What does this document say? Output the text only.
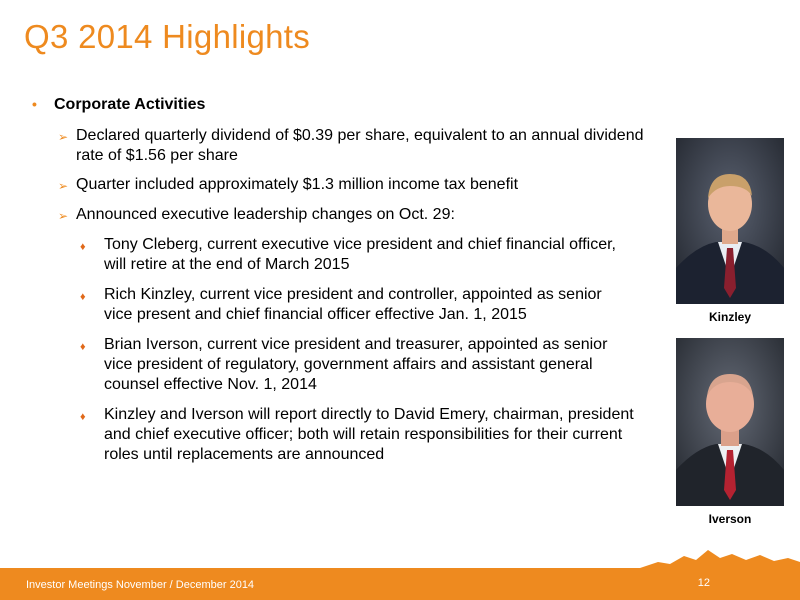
Q3 2014 Highlights
•	Corporate Activities
➢ Declared quarterly dividend of $0.39 per share, equivalent to an annual dividend rate of $1.56 per share
➢ Quarter included approximately $1.3 million income tax benefit
➢ Announced executive leadership changes on Oct. 29:
♦	Tony Cleberg, current executive vice president and chief financial officer, will retire at the end of March 2015
♦	Rich Kinzley, current vice president and controller, appointed as senior vice present and chief financial officer effective Jan. 1, 2015
♦	Brian Iverson, current vice president and treasurer, appointed as senior vice president of regulatory, government affairs and assistant general counsel effective Nov. 1, 2014
♦	Kinzley and Iverson will report directly to David Emery, chairman, president and chief executive officer; both will retain responsibilities for their current roles until replacements are announced
Kinzley
Iverson
Investor Meetings November / December 2014	12
